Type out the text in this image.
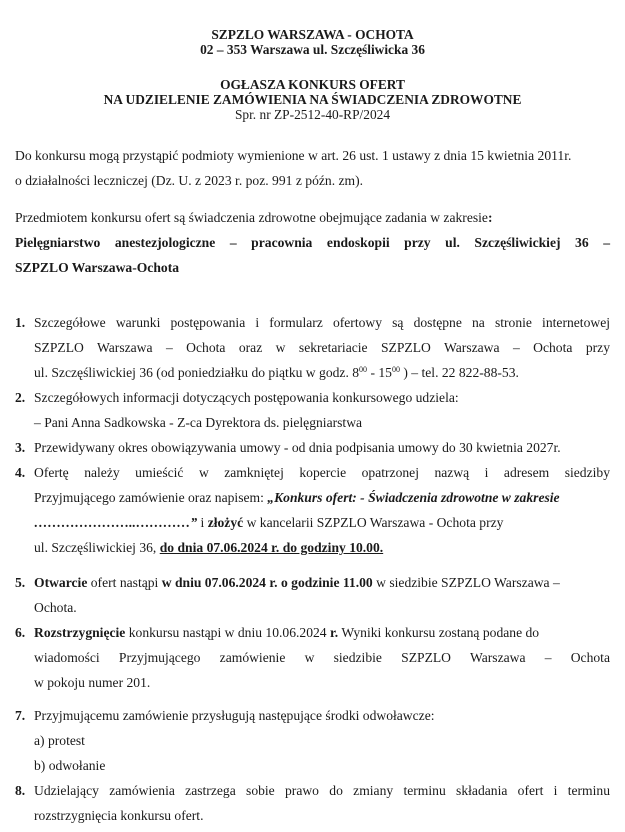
SZPZLO WARSZAWA - OCHOTA
02 – 353 Warszawa ul. Szczęśliwicka 36
OGŁASZA KONKURS OFERT
NA UDZIELENIE ZAMÓWIENIA NA ŚWIADCZENIA ZDROWOTNE
Spr. nr ZP-2512-40-RP/2024
Do konkursu mogą przystąpić podmioty wymienione w art. 26 ust. 1 ustawy z dnia 15 kwietnia 2011r.
o działalności leczniczej (Dz. U. z 2023 r. poz. 991 z późn. zm).
Przedmiotem konkursu ofert są świadczenia zdrowotne obejmujące zadania w zakresie:
Pielęgniarstwo anestezjologiczne – pracownia endoskopii przy ul. Szczęśliwickiej 36 –
SZPZLO Warszawa-Ochota
1. Szczegółowe warunki postępowania i formularz ofertowy są dostępne na stronie internetowej
SZPZLO Warszawa – Ochota oraz w sekretariacie SZPZLO Warszawa – Ochota przy
ul. Szczęśliwickiej 36 (od poniedziałku do piątku w godz. $8^{00} - 15^{00}$ ) – tel. 22 822-88-53.
2. Szczegółowych informacji dotyczących postępowania konkursowego udziela:
– Pani Anna Sadkowska - Z-ca Dyrektora ds. pielęgniarstwa
3. Przewidywany okres obowiązywania umowy - od dnia podpisania umowy do 30 kwietnia 2027r.
4. Ofertę należy umieścić w zamkniętej kopercie opatrzonej nazwą i adresem siedziby
Przyjmującego zamówienie oraz napisem: „Konkurs ofert: - Świadczenia zdrowotne w zakresie
…………………..…………” i złożyć w kancelarii SZPZLO Warszawa - Ochota przy
ul. Szczęśliwickiej 36, do dnia 07.06.2024 r. do godziny 10.00.
5. Otwarcie ofert nastąpi w dniu 07.06.2024 r. o godzinie 11.00 w siedzibie SZPZLO Warszawa –
Ochota.
6. Rozstrzygnięcie konkursu nastąpi w dniu 10.06.2024 r. Wyniki konkursu zostaną podane do
wiadomości Przyjmującego zamówienie w siedzibie SZPZLO Warszawa – Ochota
w pokoju numer 201.
7. Przyjmującemu zamówienie przysługują następujące środki odwoławcze:
a) protest
b) odwołanie
8. Udzielający zamówienia zastrzega sobie prawo do zmiany terminu składania ofert i terminu
rozstrzygnięcia konkursu ofert.
